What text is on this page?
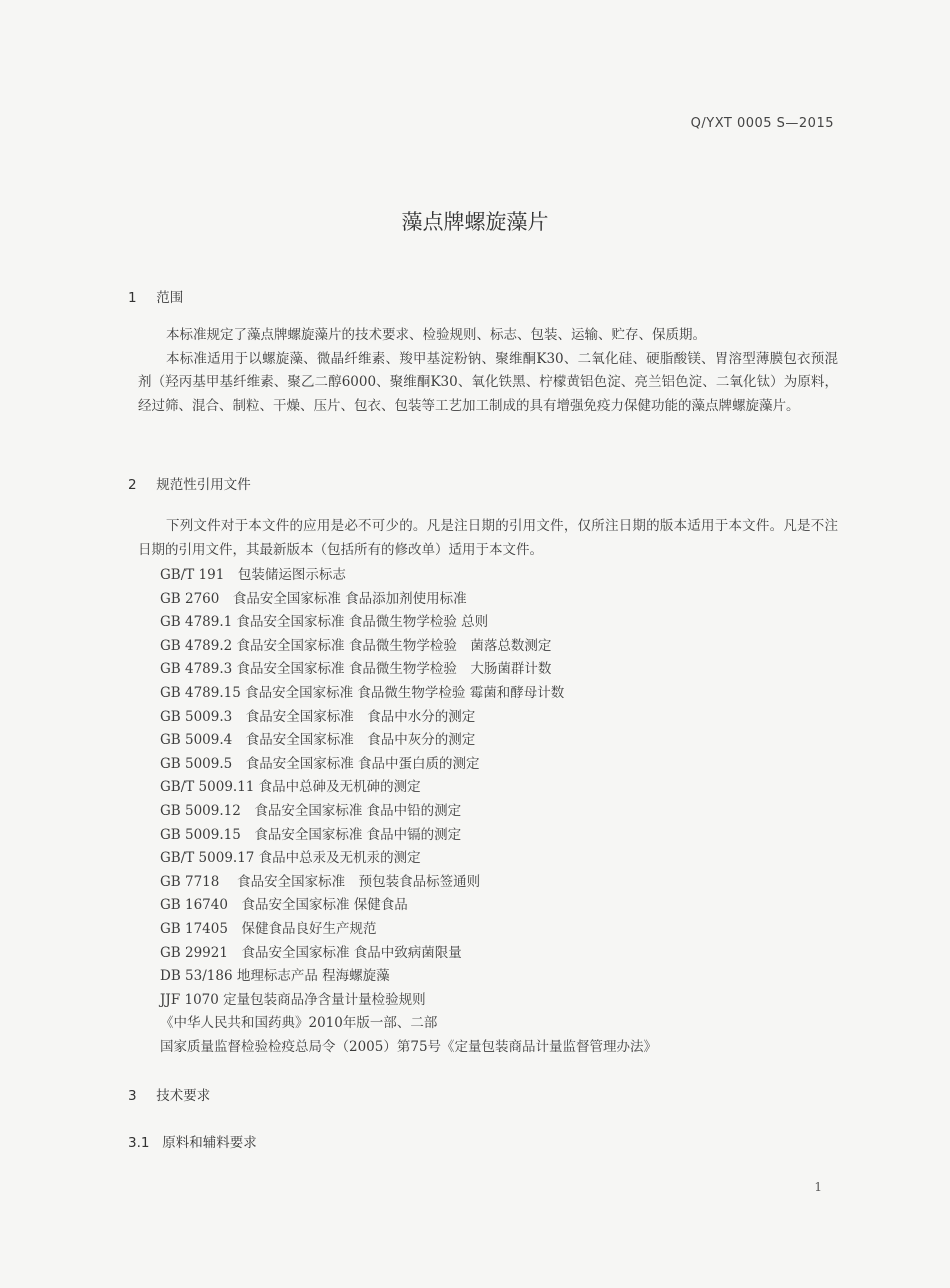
Q/YXT 0005 S—2015
藻点牌螺旋藻片
1 范围

本标准规定了藻点牌螺旋藻片的技术要求、检验规则、标志、包装、运输、贮存、保质期。

本标准适用于以螺旋藻、微晶纤维素、羧甲基淀粉钠、聚维酮K30、二氧化硅、硬脂酸镁、胃溶型薄膜包衣预混剂（羟丙基甲基纤维素、聚乙二醇6000、聚维酮K30、氧化铁黑、柠檬黄铝色淀、亮兰铝色淀、二氧化钛）为原料，经过筛、混合、制粒、干燥、压片、包衣、包装等工艺加工制成的具有增强免疫力保健功能的藻点牌螺旋藻片。

2 规范性引用文件

下列文件对于本文件的应用是必不可少的。凡是注日期的引用文件，仅所注日期的版本适用于本文件。凡是不注日期的引用文件，其最新版本（包括所有的修改单）适用于本文件。

GB/T 191　包装储运图示标志
GB 2760　食品安全国家标准 食品添加剂使用标准
GB 4789.1 食品安全国家标准 食品微生物学检验 总则
GB 4789.2 食品安全国家标准 食品微生物学检验　菌落总数测定
GB 4789.3 食品安全国家标准 食品微生物学检验　大肠菌群计数
GB 4789.15 食品安全国家标准 食品微生物学检验 霉菌和酵母计数
GB 5009.3　食品安全国家标准　食品中水分的测定
GB 5009.4　食品安全国家标准　食品中灰分的测定
GB 5009.5　食品安全国家标准 食品中蛋白质的测定
GB/T 5009.11 食品中总砷及无机砷的测定
GB 5009.12　食品安全国家标准 食品中铅的测定
GB 5009.15　食品安全国家标准 食品中镉的测定
GB/T 5009.17 食品中总汞及无机汞的测定
GB 7718　 食品安全国家标准　预包装食品标签通则
GB 16740　食品安全国家标准 保健食品
GB 17405　保健食品良好生产规范
GB 29921　食品安全国家标准 食品中致病菌限量
DB 53/186 地理标志产品 程海螺旋藻
JJF 1070 定量包装商品净含量计量检验规则
《中华人民共和国药典》2010年版一部、二部
国家质量监督检验检疫总局令（2005）第75号《定量包装商品计量监督管理办法》
3 技术要求
3.1 原料和辅料要求
1
